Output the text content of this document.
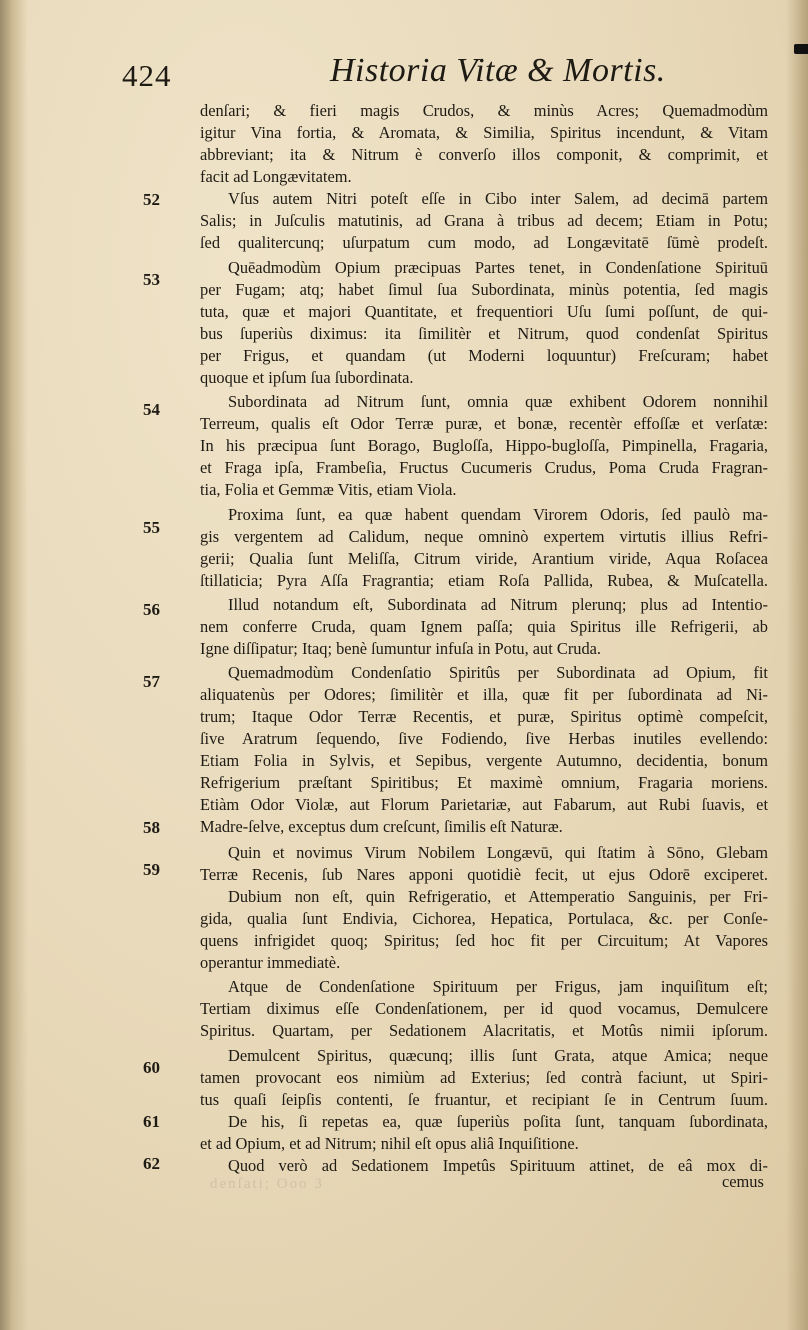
424	Historia Vitæ & Mortis.
52
53
54
55
56
57
58
59
60
61
62
denſari; & fieri magis Crudos, & minùs Acres; Quemadmodùm
igitur Vina fortia, & Aromata, & Similia, Spiritus incendunt, & Vitam
abbreviant; ita & Nitrum è converſo illos componit, & comprimit, et
facit ad Longævitatem.
Vſus autem Nitri poteſt eſſe in Cibo inter Salem, ad decimā partem
Salis; in Juſculis matutinis, ad Grana à tribus ad decem; Etiam in Potu;
ſed qualitercunq; uſurpatum cum modo, ad Longævitatē ſūmè prodeſt.
Quēadmodùm Opium præcipuas Partes tenet, in Condenſatione Spirituū
per Fugam; atq; habet ſimul ſua Subordinata, minùs potentia, ſed magis
tuta, quæ et majori Quantitate, et frequentiori Uſu ſumi poſſunt, de qui-
bus ſuperiùs diximus: ita ſimilitèr et Nitrum, quod condenſat Spiritus
per Frigus, et quandam (ut Moderni loquuntur) Freſcuram; habet
quoque et ipſum ſua ſubordinata.
Subordinata ad Nitrum ſunt, omnia quæ exhibent Odorem nonnihil
Terreum, qualis eſt Odor Terræ puræ, et bonæ, recentèr effoſſæ et verſatæ:
In his præcipua ſunt Borago, Bugloſſa, Hippo-bugloſſa, Pimpinella, Fragaria,
et Fraga ipſa, Frambeſia, Fructus Cucumeris Crudus, Poma Cruda Fragran-
tia, Folia et Gemmæ Vitis, etiam Viola.
Proxima ſunt, ea quæ habent quendam Virorem Odoris, ſed paulò ma-
gis vergentem ad Calidum, neque omninò expertem virtutis illius Refri-
gerii; Qualia ſunt Meliſſa, Citrum viride, Arantium viride, Aqua Roſacea
ſtillaticia; Pyra Aſſa Fragrantia; etiam Roſa Pallida, Rubea, & Muſcatella.
Illud notandum eſt, Subordinata ad Nitrum plerunq; plus ad Intentio-
nem conferre Cruda, quam Ignem paſſa; quia Spiritus ille Refrigerii, ab
Igne diſſipatur; Itaq; benè ſumuntur infuſa in Potu, aut Cruda.
Quemadmodùm Condenſatio Spiritûs per Subordinata ad Opium, fit
aliquatenùs per Odores; ſimilitèr et illa, quæ fit per ſubordinata ad Ni-
trum; Itaque Odor Terræ Recentis, et puræ, Spiritus optimè compeſcit,
ſive Aratrum ſequendo, ſive Fodiendo, ſive Herbas inutiles evellendo:
Etiam Folia in Sylvis, et Sepibus, vergente Autumno, decidentia, bonum
Refrigerium præſtant Spiritibus; Et maximè omnium, Fragaria moriens.
Etiàm Odor Violæ, aut Florum Parietariæ, aut Fabarum, aut Rubi ſuavis, et
Madre-ſelve, exceptus dum creſcunt, ſimilis eſt Naturæ.
Quin et novimus Virum Nobilem Longævū, qui ſtatim à Sōno, Glebam
Terræ Recenis, ſub Nares apponi quotidiè fecit, ut ejus Odorē exciperet.
Dubium non eſt, quin Refrigeratio, et Attemperatio Sanguinis, per Fri-
gida, qualia ſunt Endivia, Cichorea, Hepatica, Portulaca, &c. per Conſe-
quens infrigidet quoq; Spiritus; ſed hoc fit per Circuitum; At Vapores
operantur immediatè.
Atque de Condenſatione Spirituum per Frigus, jam inquiſitum eſt;
Tertiam diximus eſſe Condenſationem, per id quod vocamus, Demulcere
Spiritus. Quartam, per Sedationem Alacritatis, et Motûs nimii ipſorum.
Demulcent Spiritus, quæcunq; illis ſunt Grata, atque Amica; neque
tamen provocant eos nimiùm ad Exterius; ſed contrà faciunt, ut Spiri-
tus quaſi ſeipſis contenti, ſe fruantur, et recipiant ſe in Centrum ſuum.
De his, ſi repetas ea, quæ ſuperiùs poſita ſunt, tanquam ſubordinata,
et ad Opium, et ad Nitrum; nihil eſt opus aliâ Inquiſitione.
Quod verò ad Sedationem Impetûs Spirituum attinet, de eâ mox di-
denſati; Ooo 3	cemus
